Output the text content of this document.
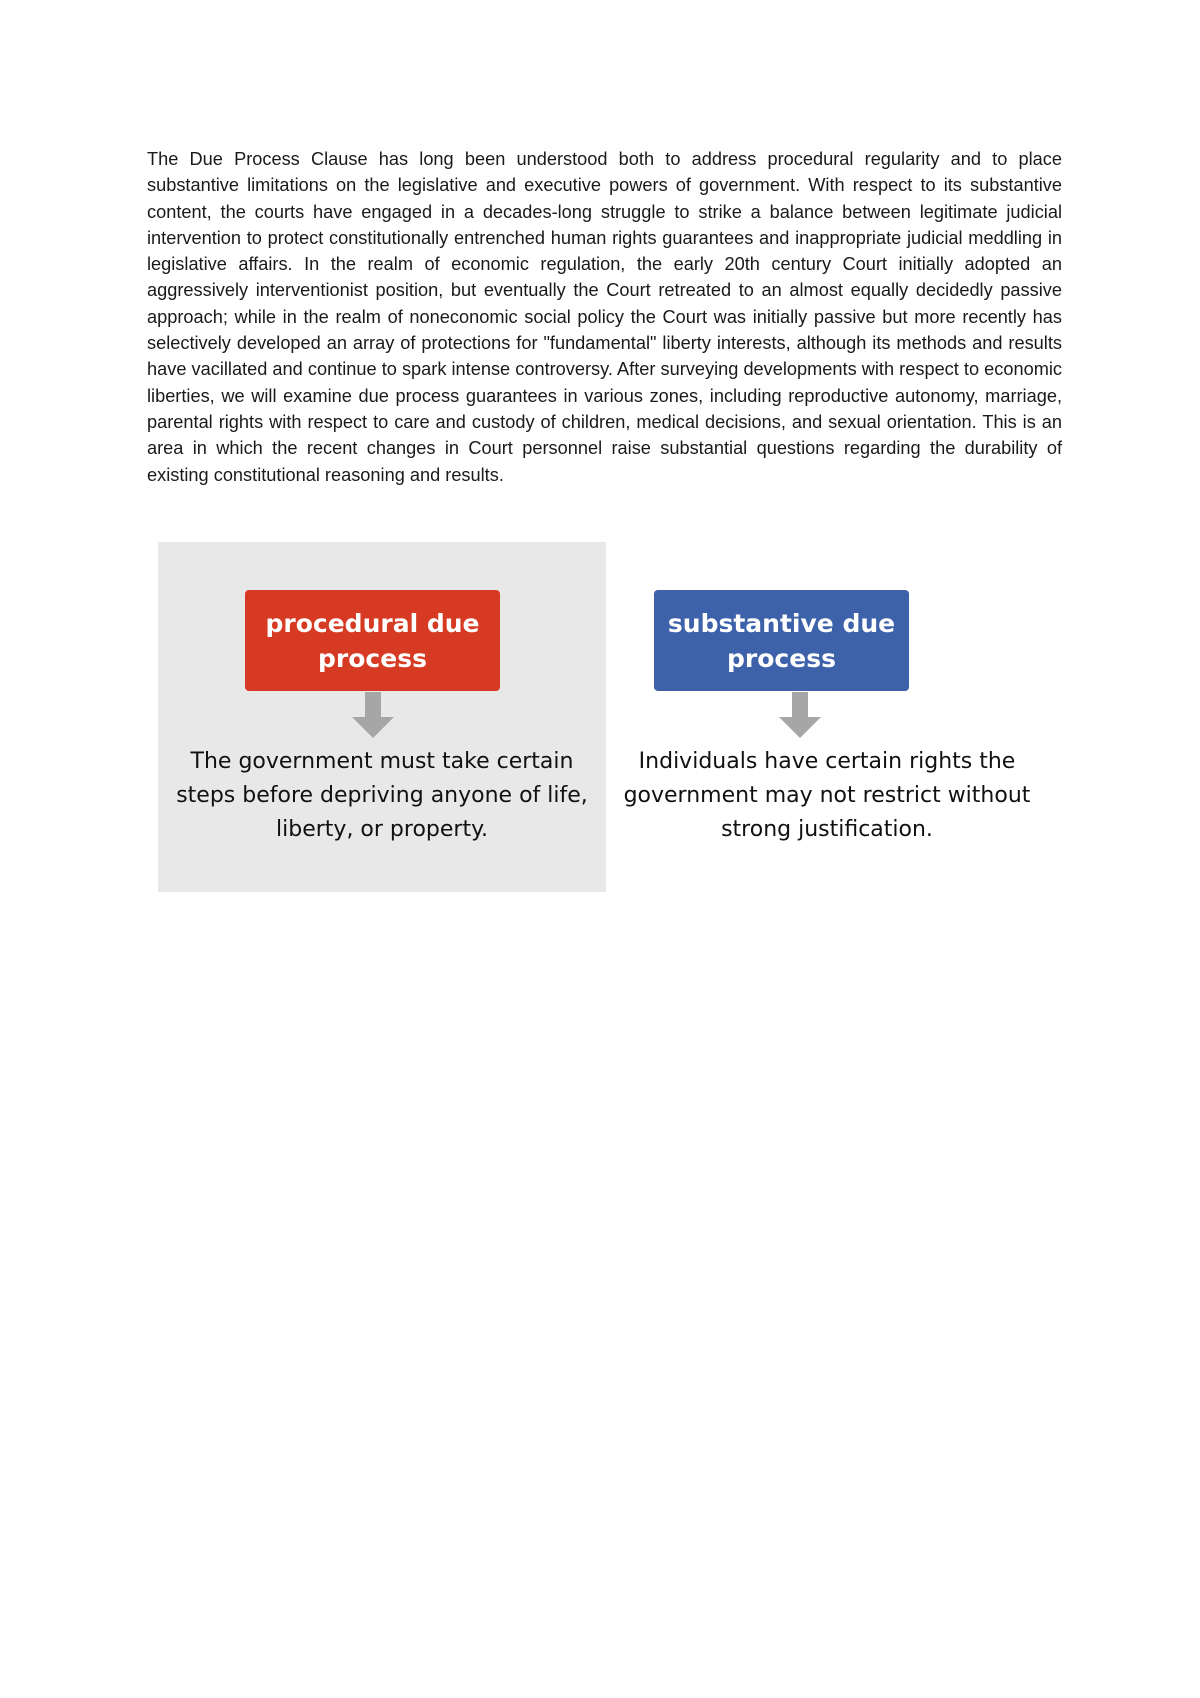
The Due Process Clause has long been understood both to address procedural regularity and to place substantive limitations on the legislative and executive powers of government. With respect to its substantive content, the courts have engaged in a decades-long struggle to strike a balance between legitimate judicial intervention to protect constitutionally entrenched human rights guarantees and inappropriate judicial meddling in legislative affairs. In the realm of economic regulation, the early 20th century Court initially adopted an aggressively interventionist position, but eventually the Court retreated to an almost equally decidedly passive approach; while in the realm of noneconomic social policy the Court was initially passive but more recently has selectively developed an array of protections for "fundamental" liberty interests, although its methods and results have vacillated and continue to spark intense controversy. After surveying developments with respect to economic liberties, we will examine due process guarantees in various zones, including reproductive autonomy, marriage, parental rights with respect to care and custody of children, medical decisions, and sexual orientation. This is an area in which the recent changes in Court personnel raise substantial questions regarding the durability of existing constitutional reasoning and results.

procedural due process
The government must take certain steps before depriving anyone of life, liberty, or property.
substantive due process
Individuals have certain rights the government may not restrict without strong justification.
